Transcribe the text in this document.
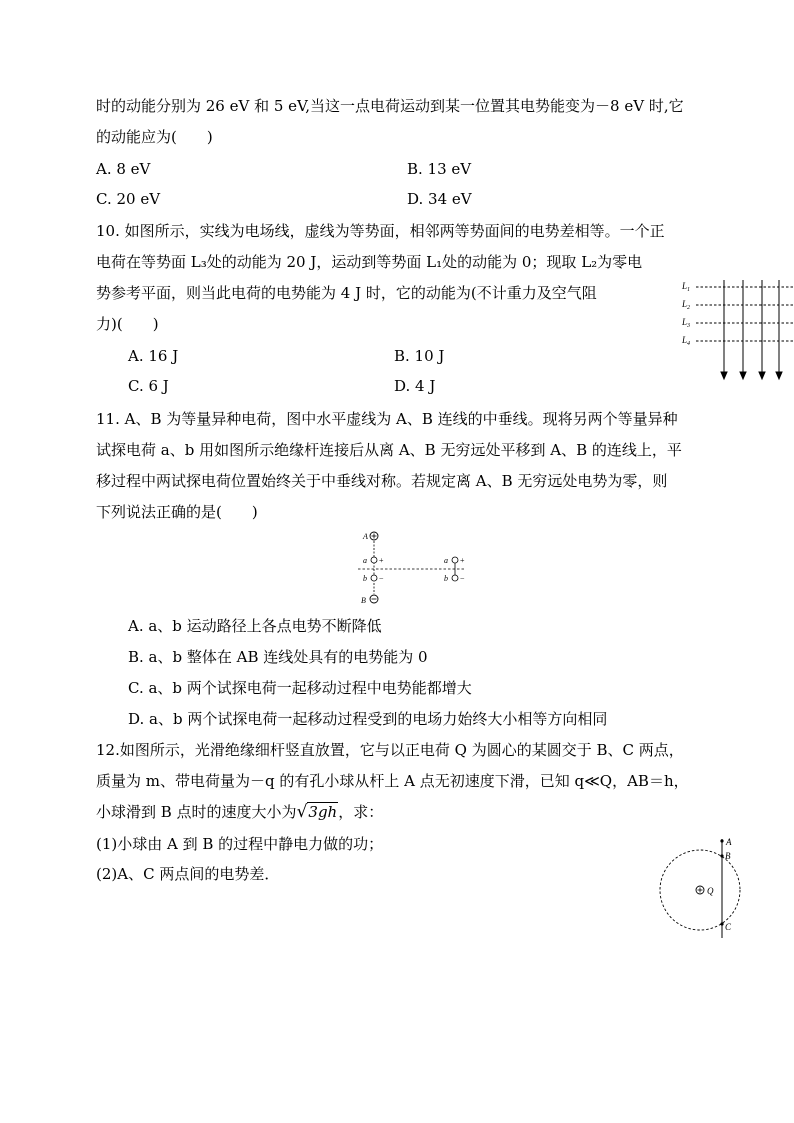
时的动能分别为 26 eV 和 5 eV,当这一点电荷运动到某一位置其电势能变为－8 eV 时,它
的动能应为(　　)
A. 8 eV	B. 13 eV
C. 20 eV	D. 34 eV
10. 如图所示，实线为电场线，虚线为等势面，相邻两等势面间的电势差相等。一个正
电荷在等势面 L₃处的动能为 20 J，运动到等势面 L₁处的动能为 0；现取 L₂为零电
势参考平面，则当此电荷的电势能为 4 J 时，它的动能为(不计重力及空气阻
力)(　　)
A. 16 J	B. 10 J
C. 6 J	D. 4 J
$L_1$
$L_2$
$L_3$
$L_4$
11. A、B 为等量异种电荷，图中水平虚线为 A、B 连线的中垂线。现将另两个等量异种
试探电荷 a、b 用如图所示绝缘杆连接后从离 A、B 无穷远处平移到 A、B 的连线上，平
移过程中两试探电荷位置始终关于中垂线对称。若规定离 A、B 无穷远处电势为零，则
下列说法正确的是(　　)
A
B
a
b
a
b
+
−
+
−
A. a、b 运动路径上各点电势不断降低
B. a、b 整体在 AB 连线处具有的电势能为 0
C. a、b 两个试探电荷一起移动过程中电势能都增大
D. a、b 两个试探电荷一起移动过程受到的电场力始终大小相等方向相同
12.如图所示，光滑绝缘细杆竖直放置，它与以正电荷 Q 为圆心的某圆交于 B、C 两点，
质量为 m、带电荷量为－q 的有孔小球从杆上 A 点无初速度下滑，已知 q≪Q，AB＝h，
小球滑到 B 点时的速度大小为√3gh，求：
(1)小球由 A 到 B 的过程中静电力做的功；
(2)A、C 两点间的电势差．
A
B
C
Q
